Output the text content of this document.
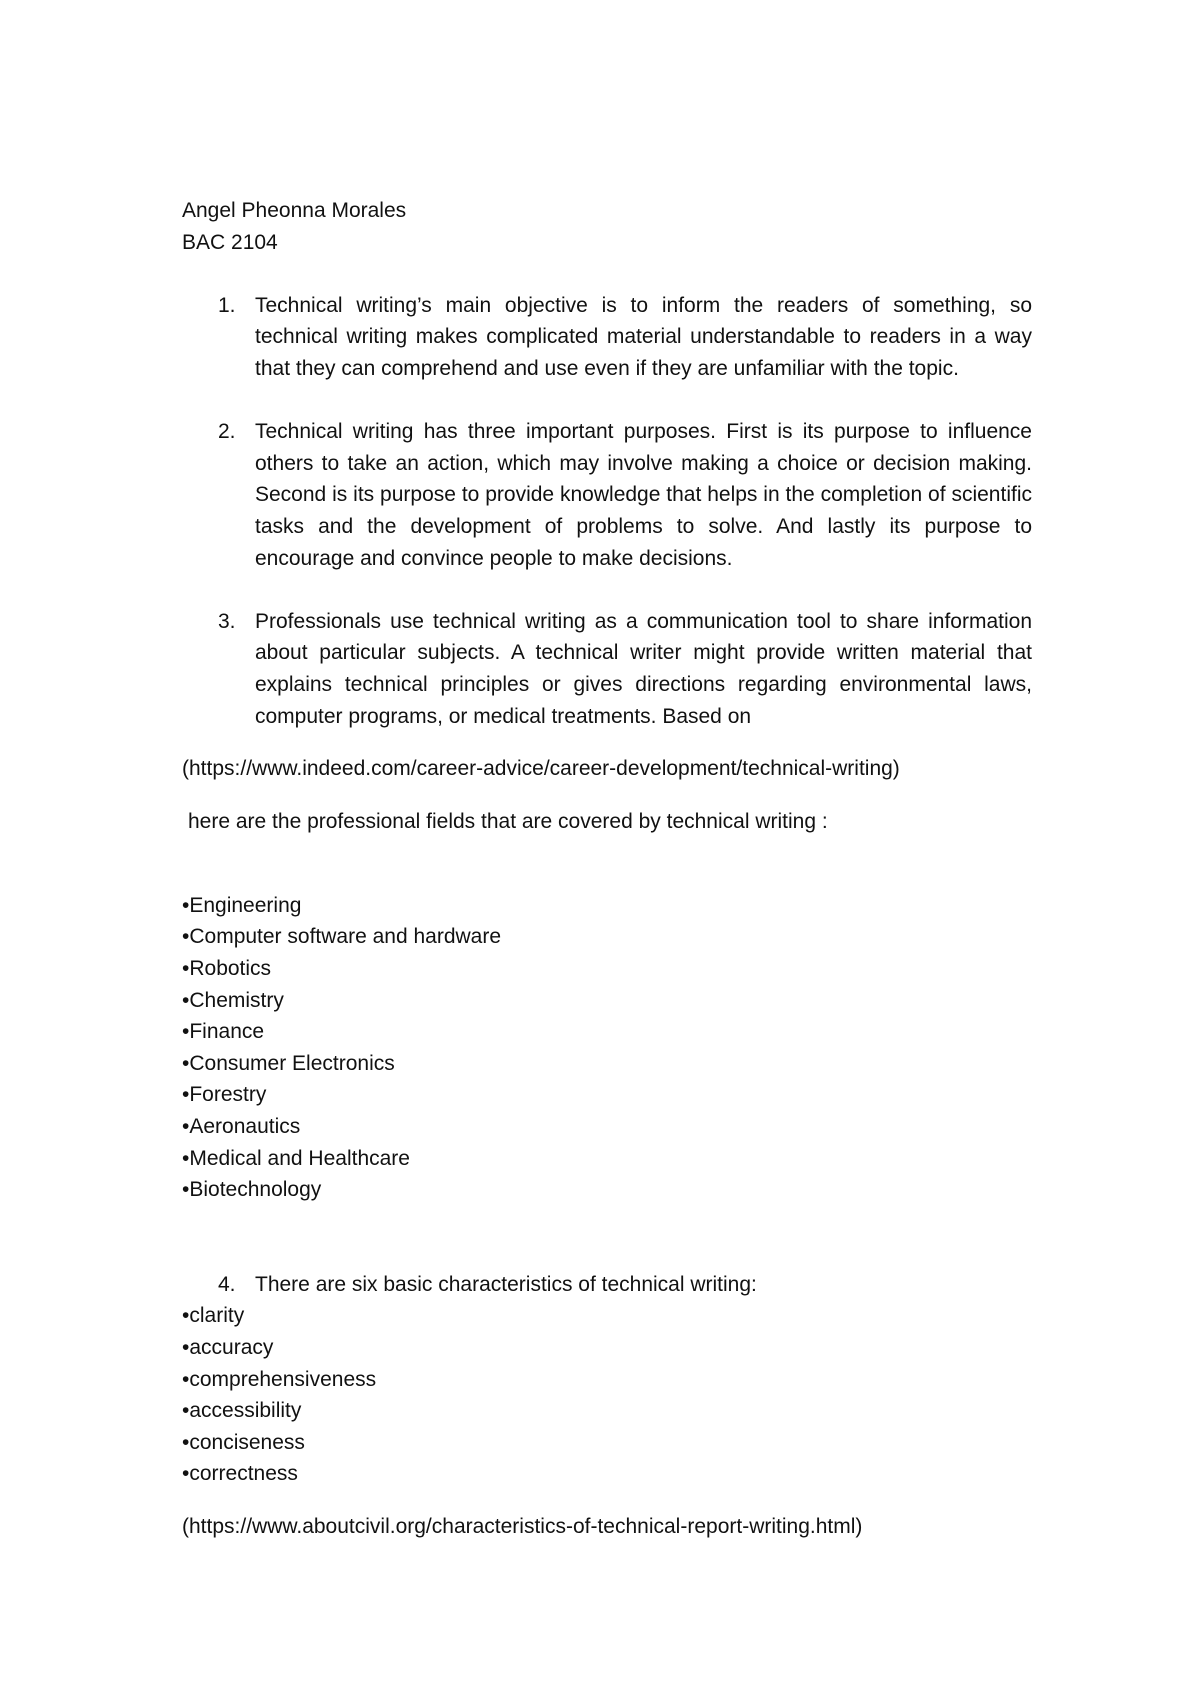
Angel Pheonna Morales

BAC 2104

1. Technical writing’s main objective is to inform the readers of something, so technical writing makes complicated material understandable to readers in a way that they can comprehend and use even if they are unfamiliar with the topic.

2. Technical writing has three important purposes. First is its purpose to influence others to take an action, which may involve making a choice or decision making. Second is its purpose to provide knowledge that helps in the completion of scientific tasks and the development of problems to solve. And lastly its purpose to encourage and convince people to make decisions.

3. Professionals use technical writing as a communication tool to share information about particular subjects. A technical writer might provide written material that explains technical principles or gives directions regarding environmental laws, computer programs, or medical treatments. Based on

(https://www.indeed.com/career-advice/career-development/technical-writing)

here are the professional fields that are covered by technical writing :

•Engineering
•Computer software and hardware
•Robotics
•Chemistry
•Finance
•Consumer Electronics
•Forestry
•Aeronautics
•Medical and Healthcare
•Biotechnology
4. There are six basic characteristics of technical writing:
•clarity
•accuracy
•comprehensiveness
•accessibility
•conciseness
•correctness

(https://www.aboutcivil.org/characteristics-of-technical-report-writing.html)
